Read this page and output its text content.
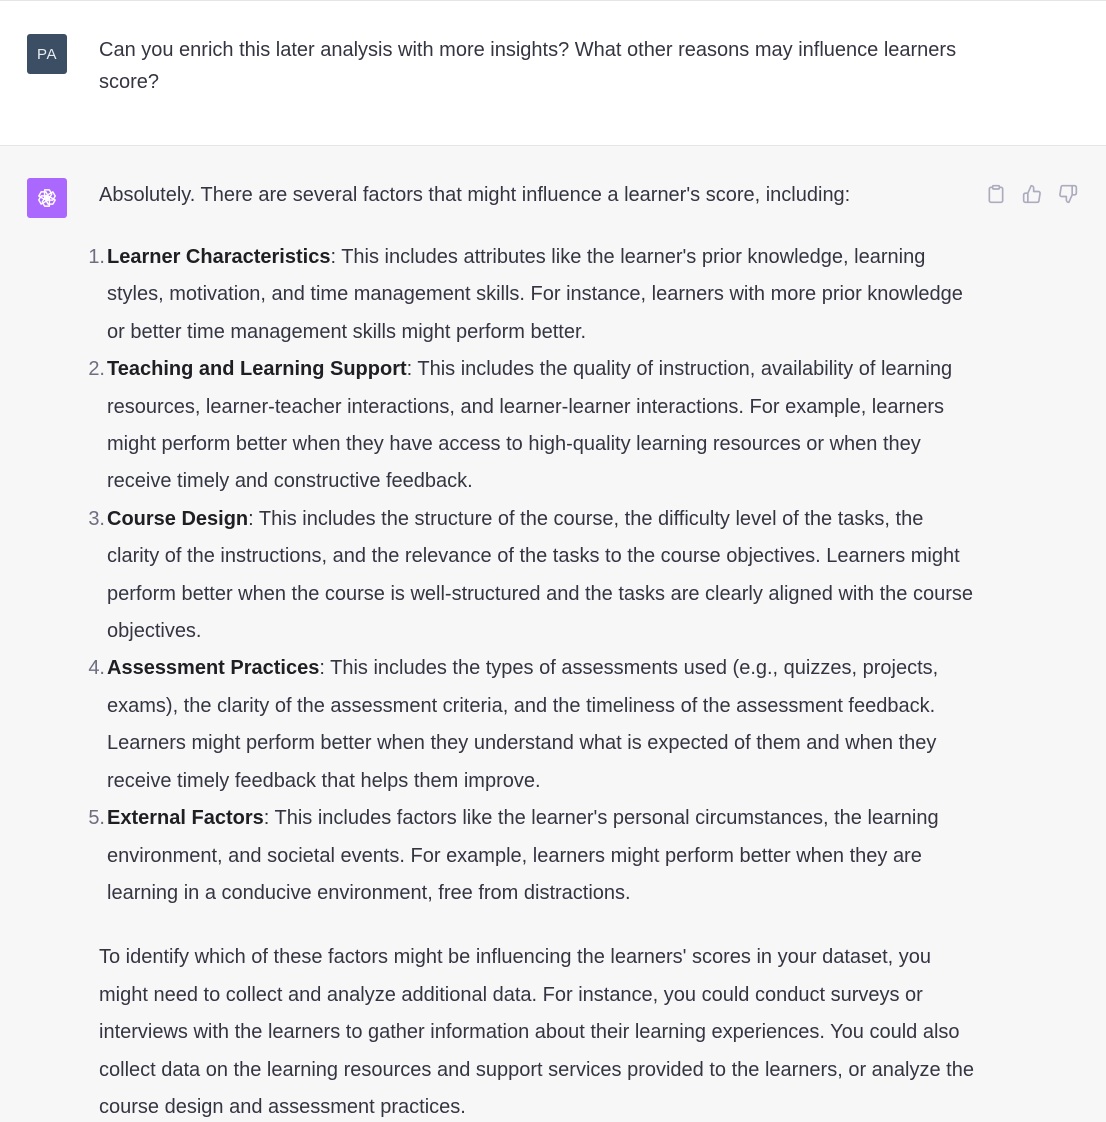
PA	Can you enrich this later analysis with more insights? What other reasons may influence learners score?

Absolutely. There are several factors that might influence a learner's score, including:

1. Learner Characteristics: This includes attributes like the learner's prior knowledge, learning styles, motivation, and time management skills. For instance, learners with more prior knowledge or better time management skills might perform better.
2. Teaching and Learning Support: This includes the quality of instruction, availability of learning resources, learner-teacher interactions, and learner-learner interactions. For example, learners might perform better when they have access to high-quality learning resources or when they receive timely and constructive feedback.
3. Course Design: This includes the structure of the course, the difficulty level of the tasks, the clarity of the instructions, and the relevance of the tasks to the course objectives. Learners might perform better when the course is well-structured and the tasks are clearly aligned with the course objectives.
4. Assessment Practices: This includes the types of assessments used (e.g., quizzes, projects, exams), the clarity of the assessment criteria, and the timeliness of the assessment feedback. Learners might perform better when they understand what is expected of them and when they receive timely feedback that helps them improve.
5. External Factors: This includes factors like the learner's personal circumstances, the learning environment, and societal events. For example, learners might perform better when they are learning in a conducive environment, free from distractions.

To identify which of these factors might be influencing the learners' scores in your dataset, you might need to collect and analyze additional data. For instance, you could conduct surveys or interviews with the learners to gather information about their learning experiences. You could also collect data on the learning resources and support services provided to the learners, or analyze the course design and assessment practices.
